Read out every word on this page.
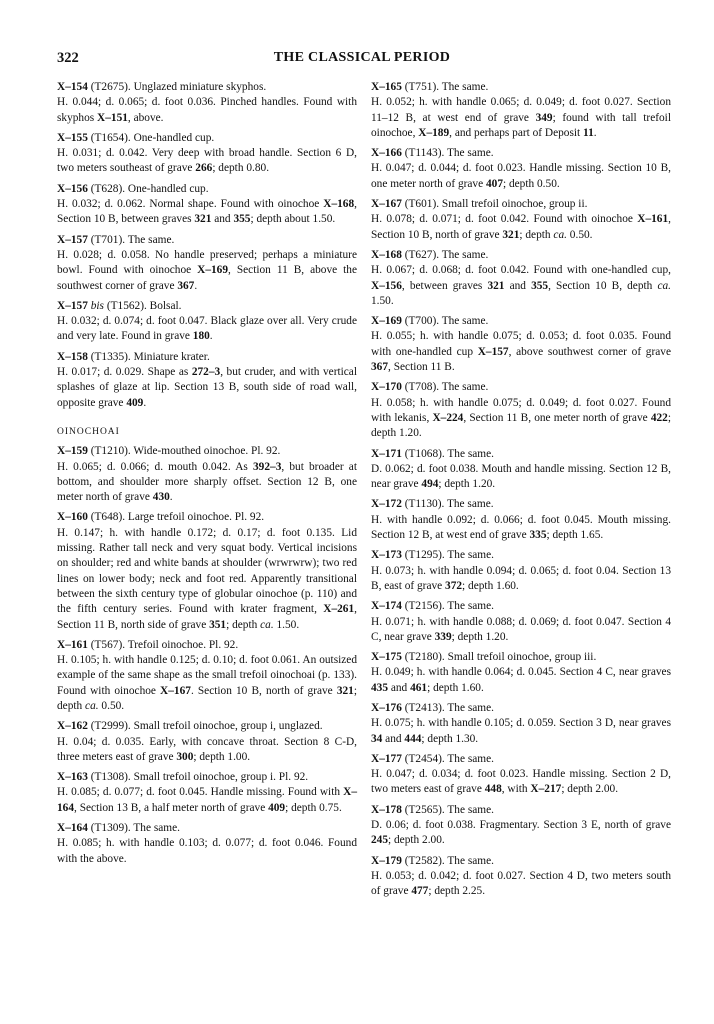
322	THE CLASSICAL PERIOD

X–154 (T2675). Unglazed miniature skyphos.

H. 0.044; d. 0.065; d. foot 0.036. Pinched handles. Found with skyphos X–151, above.

X–155 (T1654). One-handled cup.

H. 0.031; d. 0.042. Very deep with broad handle. Section 6 D, two meters southeast of grave 266; depth 0.80.

X–156 (T628). One-handled cup.

H. 0.032; d. 0.062. Normal shape. Found with oinochoe X–168, Section 10 B, between graves 321 and 355; depth about 1.50.

X–157 (T701). The same.

H. 0.028; d. 0.058. No handle preserved; perhaps a miniature bowl. Found with oinochoe X–169, Section 11 B, above the southwest corner of grave 367.

X–157 bis (T1562). Bolsal.

H. 0.032; d. 0.074; d. foot 0.047. Black glaze over all. Very crude and very late. Found in grave 180.

X–158 (T1335). Miniature krater.

H. 0.017; d. 0.029. Shape as 272–3, but cruder, and with vertical splashes of glaze at lip. Section 13 B, south side of road wall, opposite grave 409.

OINOCHOAI

X–159 (T1210). Wide-mouthed oinochoe. Pl. 92.

H. 0.065; d. 0.066; d. mouth 0.042. As 392–3, but broader at bottom, and shoulder more sharply offset. Section 12 B, one meter north of grave 430.

X–160 (T648). Large trefoil oinochoe. Pl. 92.

H. 0.147; h. with handle 0.172; d. 0.17; d. foot 0.135. Lid missing. Rather tall neck and very squat body. Vertical incisions on shoulder; red and white bands at shoulder (wrwrwrw); two red lines on lower body; neck and foot red. Apparently transitional between the sixth century type of globular oinochoe (p. 110) and the fifth century series. Found with krater fragment, X–261, Section 11 B, north side of grave 351; depth ca. 1.50.

X–161 (T567). Trefoil oinochoe. Pl. 92.

H. 0.105; h. with handle 0.125; d. 0.10; d. foot 0.061. An outsized example of the same shape as the small trefoil oinochoai (p. 133). Found with oinochoe X–167. Section 10 B, north of grave 321; depth ca. 0.50.

X–162 (T2999). Small trefoil oinochoe, group i, unglazed.

H. 0.04; d. 0.035. Early, with concave throat. Section 8 C-D, three meters east of grave 300; depth 1.00.

X–163 (T1308). Small trefoil oinochoe, group i. Pl. 92.

H. 0.085; d. 0.077; d. foot 0.045. Handle missing. Found with X–164, Section 13 B, a half meter north of grave 409; depth 0.75.

X–164 (T1309). The same.

H. 0.085; h. with handle 0.103; d. 0.077; d. foot 0.046. Found with the above.

X–165 (T751). The same.

H. 0.052; h. with handle 0.065; d. 0.049; d. foot 0.027. Section 11–12 B, at west end of grave 349; found with tall trefoil oinochoe, X–189, and perhaps part of Deposit 11.

X–166 (T1143). The same.

H. 0.047; d. 0.044; d. foot 0.023. Handle missing. Section 10 B, one meter north of grave 407; depth 0.50.

X–167 (T601). Small trefoil oinochoe, group ii.

H. 0.078; d. 0.071; d. foot 0.042. Found with oinochoe X–161, Section 10 B, north of grave 321; depth ca. 0.50.

X–168 (T627). The same.

H. 0.067; d. 0.068; d. foot 0.042. Found with one-handled cup, X–156, between graves 321 and 355, Section 10 B, depth ca. 1.50.

X–169 (T700). The same.

H. 0.055; h. with handle 0.075; d. 0.053; d. foot 0.035. Found with one-handled cup X–157, above southwest corner of grave 367, Section 11 B.

X–170 (T708). The same.

H. 0.058; h. with handle 0.075; d. 0.049; d. foot 0.027. Found with lekanis, X–224, Section 11 B, one meter north of grave 422; depth 1.20.

X–171 (T1068). The same.

D. 0.062; d. foot 0.038. Mouth and handle missing. Section 12 B, near grave 494; depth 1.20.

X–172 (T1130). The same.

H. with handle 0.092; d. 0.066; d. foot 0.045. Mouth missing. Section 12 B, at west end of grave 335; depth 1.65.

X–173 (T1295). The same.

H. 0.073; h. with handle 0.094; d. 0.065; d. foot 0.04. Section 13 B, east of grave 372; depth 1.60.

X–174 (T2156). The same.

H. 0.071; h. with handle 0.088; d. 0.069; d. foot 0.047. Section 4 C, near grave 339; depth 1.20.

X–175 (T2180). Small trefoil oinochoe, group iii.

H. 0.049; h. with handle 0.064; d. 0.045. Section 4 C, near graves 435 and 461; depth 1.60.

X–176 (T2413). The same.

H. 0.075; h. with handle 0.105; d. 0.059. Section 3 D, near graves 34 and 444; depth 1.30.

X–177 (T2454). The same.

H. 0.047; d. 0.034; d. foot 0.023. Handle missing. Section 2 D, two meters east of grave 448, with X–217; depth 2.00.

X–178 (T2565). The same.

D. 0.06; d. foot 0.038. Fragmentary. Section 3 E, north of grave 245; depth 2.00.

X–179 (T2582). The same.

H. 0.053; d. 0.042; d. foot 0.027. Section 4 D, two meters south of grave 477; depth 2.25.
